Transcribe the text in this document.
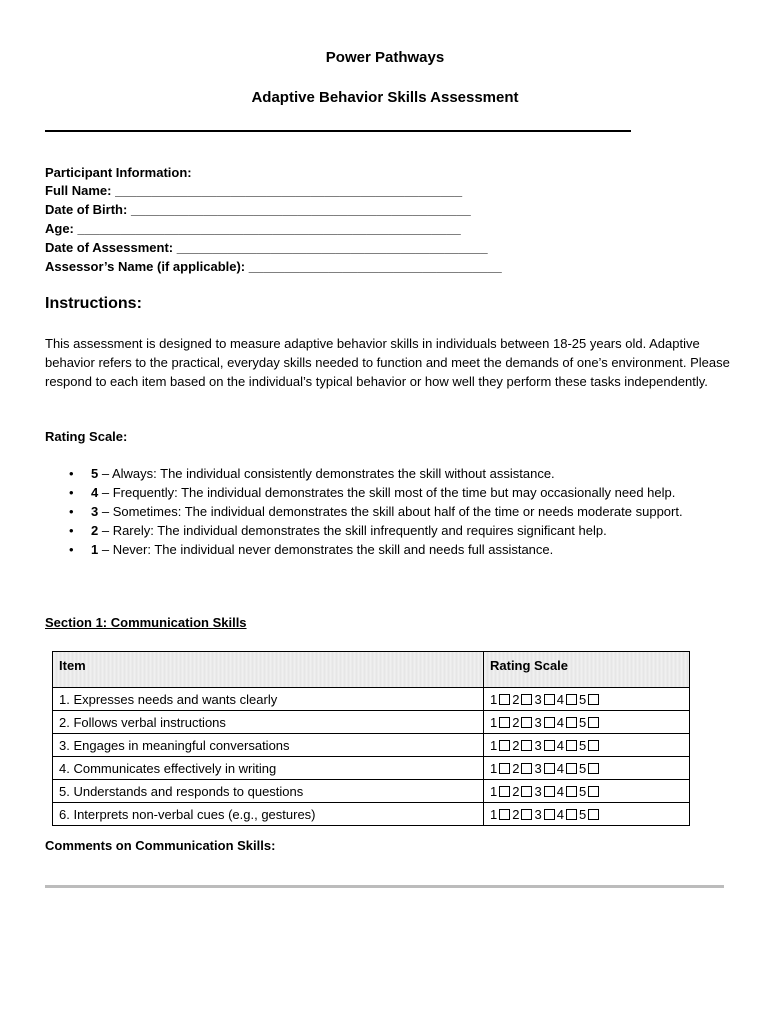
Power Pathways
Adaptive Behavior Skills Assessment
Participant Information:
Full Name: ________________________________________________
Date of Birth: _______________________________________________
Age: _____________________________________________________
Date of Assessment: ___________________________________________
Assessor’s Name (if applicable): ___________________________________
Instructions:
This assessment is designed to measure adaptive behavior skills in individuals between 18-25 years old. Adaptive behavior refers to the practical, everyday skills needed to function and meet the demands of one’s environment. Please respond to each item based on the individual’s typical behavior or how well they perform these tasks independently.
Rating Scale:
• 5 – Always: The individual consistently demonstrates the skill without assistance.
• 4 – Frequently: The individual demonstrates the skill most of the time but may occasionally need help.
• 3 – Sometimes: The individual demonstrates the skill about half of the time or needs moderate support.
• 2 – Rarely: The individual demonstrates the skill infrequently and requires significant help.
• 1 – Never: The individual never demonstrates the skill and needs full assistance.
Section 1: Communication Skills
Item	Rating Scale
1. Expresses needs and wants clearly	1 2 3 4 5
2. Follows verbal instructions	1 2 3 4 5
3. Engages in meaningful conversations	1 2 3 4 5
4. Communicates effectively in writing	1 2 3 4 5
5. Understands and responds to questions	1 2 3 4 5
6. Interprets non-verbal cues (e.g., gestures)	1 2 3 4 5
Comments on Communication Skills:
